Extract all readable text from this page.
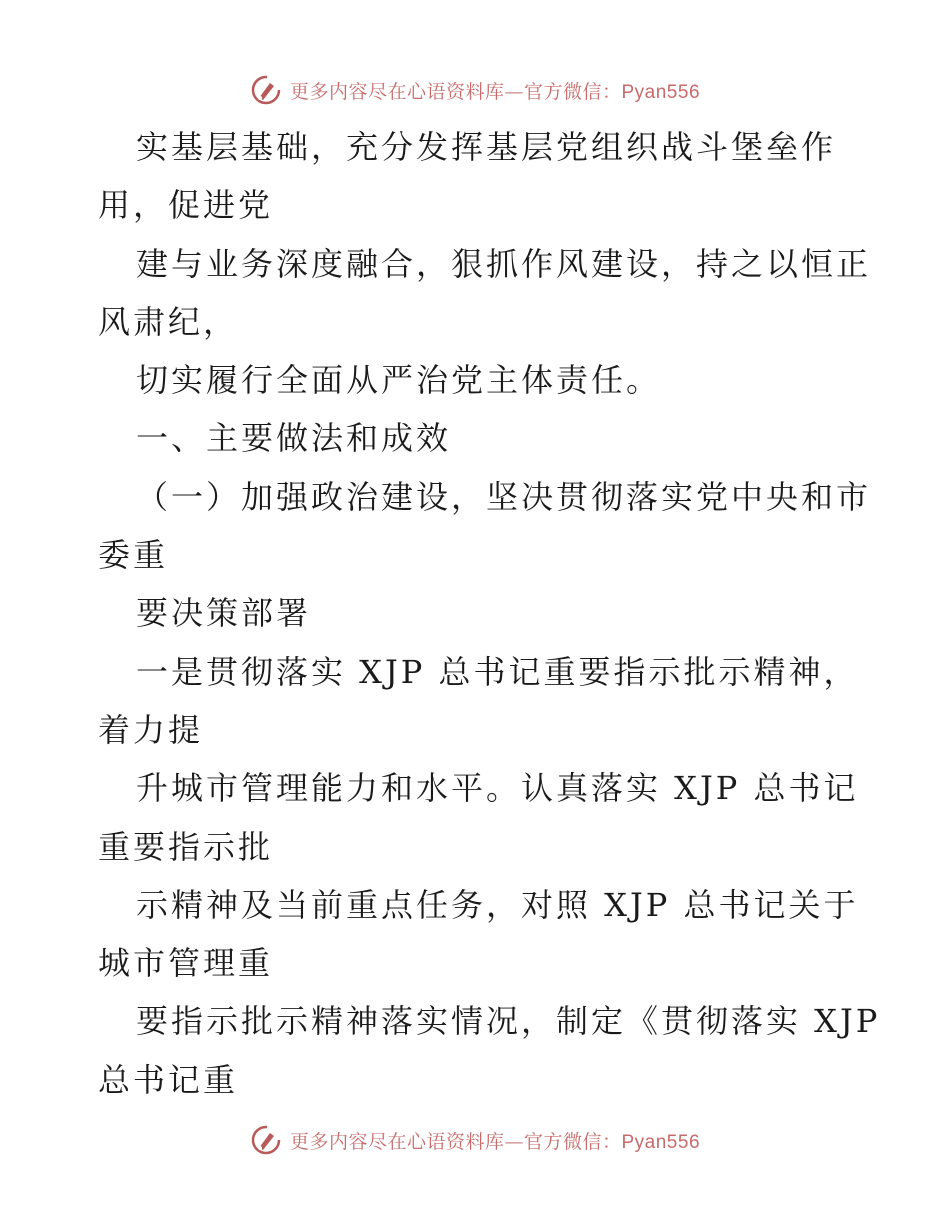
更多内容尽在心语资料库—官方微信：Pyan556
实基层基础，充分发挥基层党组织战斗堡垒作
用，促进党
建与业务深度融合，狠抓作风建设，持之以恒正
风肃纪，
切实履行全面从严治党主体责任。
一、主要做法和成效
（一）加强政治建设，坚决贯彻落实党中央和市
委重
要决策部署
一是贯彻落实 XJP 总书记重要指示批示精神，
着力提
升城市管理能力和水平。认真落实 XJP 总书记
重要指示批
示精神及当前重点任务，对照 XJP 总书记关于
城市管理重
要指示批示精神落实情况，制定《贯彻落实 XJP
总书记重
更多内容尽在心语资料库—官方微信：Pyan556
